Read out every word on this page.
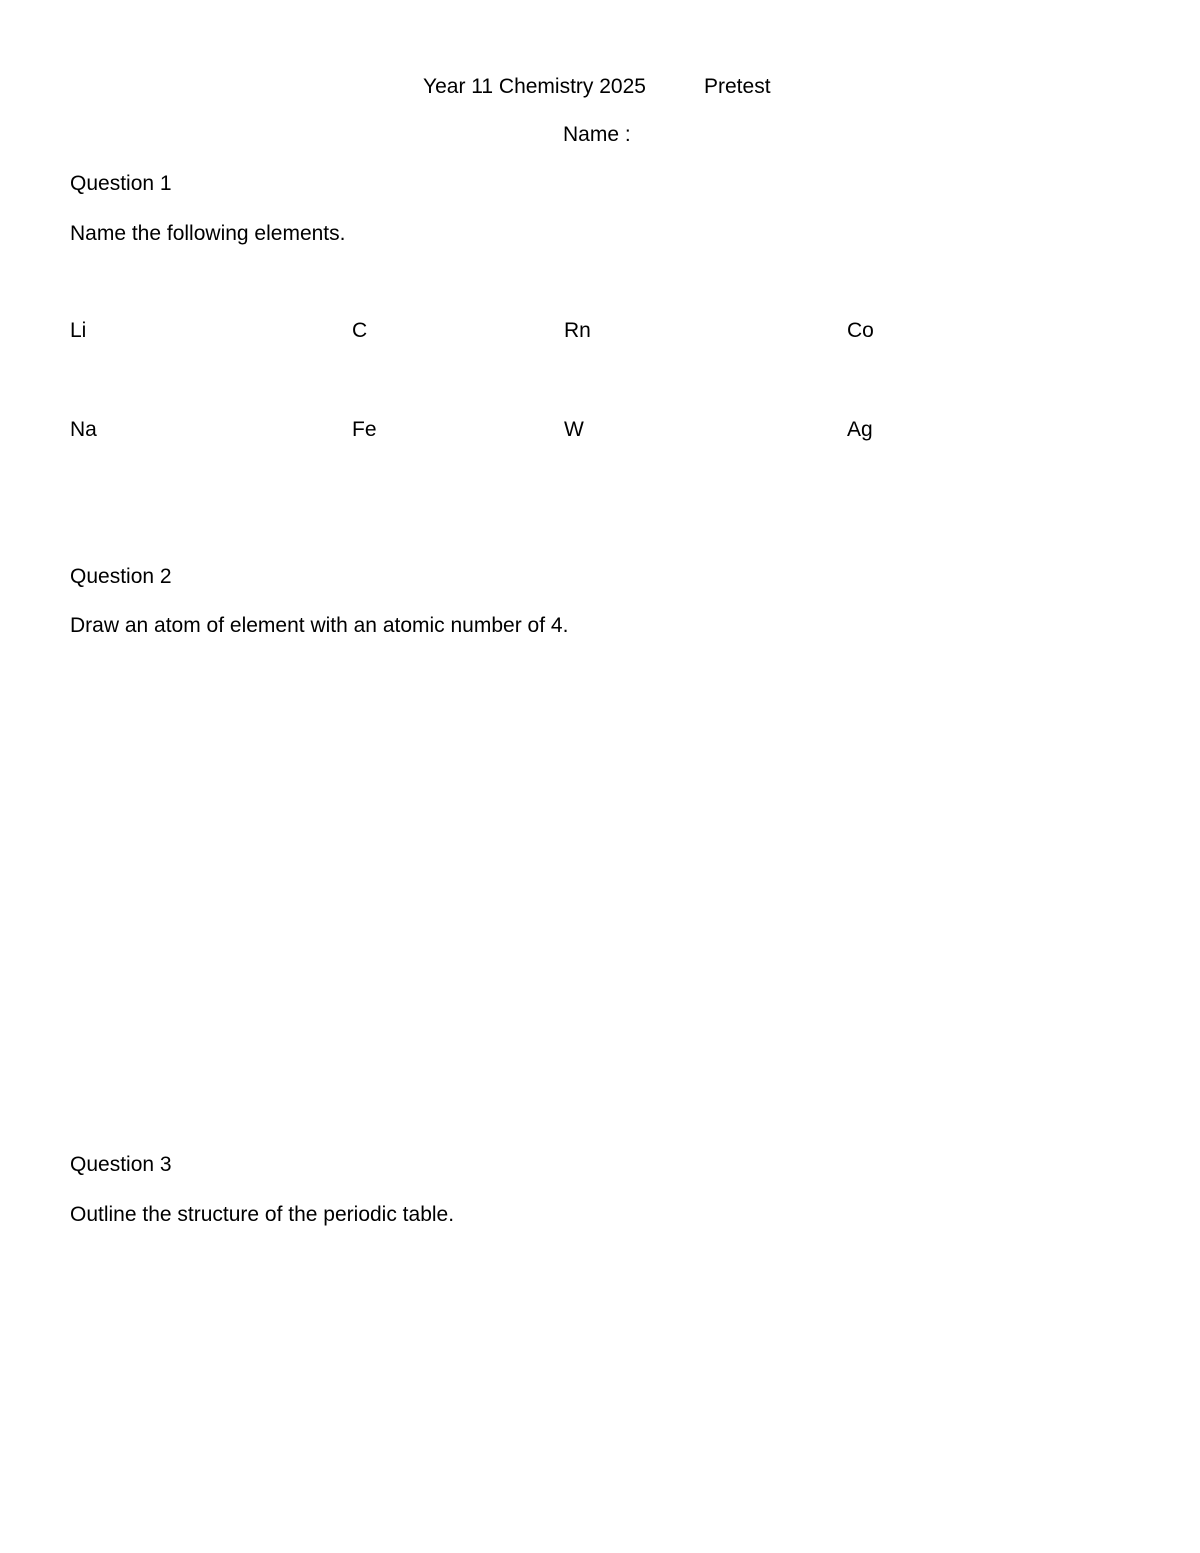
Year 11 Chemistry 2025	Pretest
Name :
Question 1
Name the following elements.
Li	C	Rn	Co
Na	Fe	W	Ag
Question 2
Draw an atom of element with an atomic number of 4.
Question 3
Outline the structure of the periodic table.
